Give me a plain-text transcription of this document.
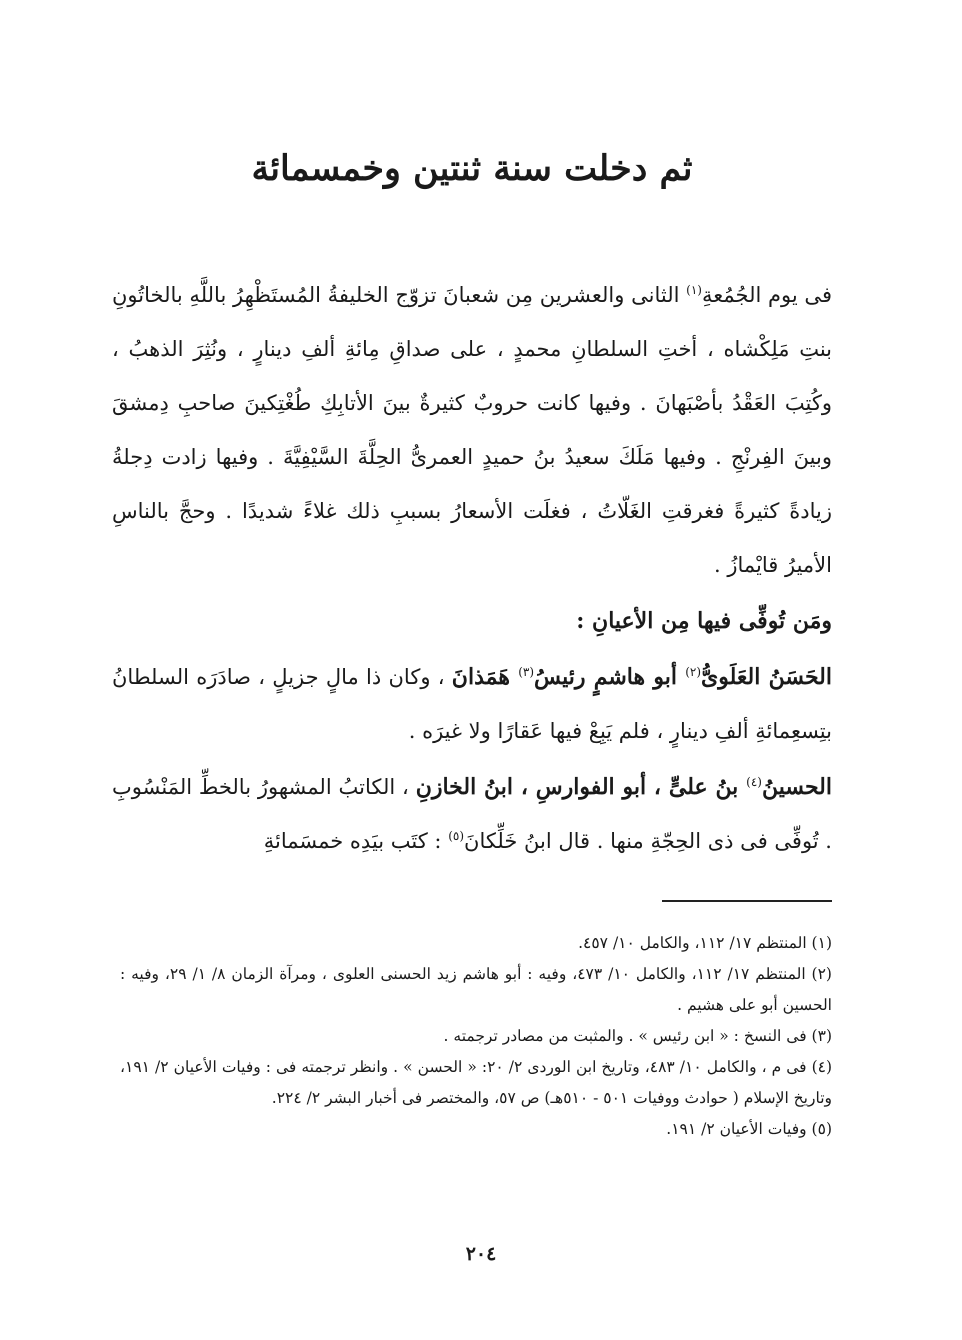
ثم دخلت سنة ثنتين وخمسمائة

فى يوم الجُمُعةِ$^{(١)}$ الثانى والعشرين مِن شعبانَ تزوّج الخليفةُ المُستَظْهِرُ باللَّهِ بالخاتُونِ بنتِ مَلِكْشاه ، أختِ السلطانِ محمدٍ ، على صداقِ مِائةِ ألفِ دينارٍ ، ونُثِرَ الذهبُ ، وكُتِبَ العَقْدُ بأصْبَهانَ . وفيها كانت حروبٌ كثيرةٌ بينَ الأتابِكِ طُغْتِكينَ صاحبِ دِمشقَ وبينَ الفِرنْجِ . وفيها مَلَكَ سعيدُ بنُ حميدٍ العمرىُّ الحِلَّةَ السَّيْفِيَّةَ . وفيها زادت دِجلةُ زيادةً كثيرةً فغرقتِ الغَلّاتُ ، فغلَت الأسعارُ بسببِ ذلك غلاءً شديدًا . وحجَّ بالناسِ الأميرُ قايْمازُ .

ومَن تُوفِّى فيها مِن الأعيانِ :

الحَسَنُ العَلَوىُّ$^{(٢)}$ أبو هاشمٍ رئيسُ$^{(٣)}$ هَمَذانَ ، وكان ذا مالٍ جزيلٍ ، صادَرَه السلطانُ بتِسعِمائةِ ألفِ دينارٍ ، فلم يَبِعْ فيها عَقارًا ولا غيرَه .

الحسينُ$^{(٤)}$ بنُ علىٍّ ، أبو الفوارسِ ، ابنُ الخازنِ ، الكاتبُ المشهورُ بالخطِّ المَنْسُوبِ . تُوفِّى فى ذى الحِجّةِ منها . قال ابنُ خَلِّكانَ$^{(٥)}$ : كتَب بيَدِه خمسَمائةِ

(١) المنتظم ١٧/ ١١٢، والكامل ١٠/ ٤٥٧.

(٢) المنتظم ١٧/ ١١٢، والكامل ١٠/ ٤٧٣، وفيه : أبو هاشم زيد الحسنى العلوى ، ومرآة الزمان ٨/ ١/ ٢٩، وفيه : الحسين أبو على هشيم .

(٣) فى النسخ : « ابن رئيس » . والمثبت من مصادر ترجمته .

(٤) فى م ، والكامل ١٠/ ٤٨٣، وتاريخ ابن الوردى ٢/ ٢٠: « الحسن » . وانظر ترجمته فى : وفيات الأعيان ٢/ ١٩١، وتاريخ الإسلام ( حوادث ووفيات ٥٠١ - ٥١٠هـ) ص ٥٧، والمختصر فى أخبار البشر ٢/ ٢٢٤.

(٥) وفيات الأعيان ٢/ ١٩١.

٢٠٤
